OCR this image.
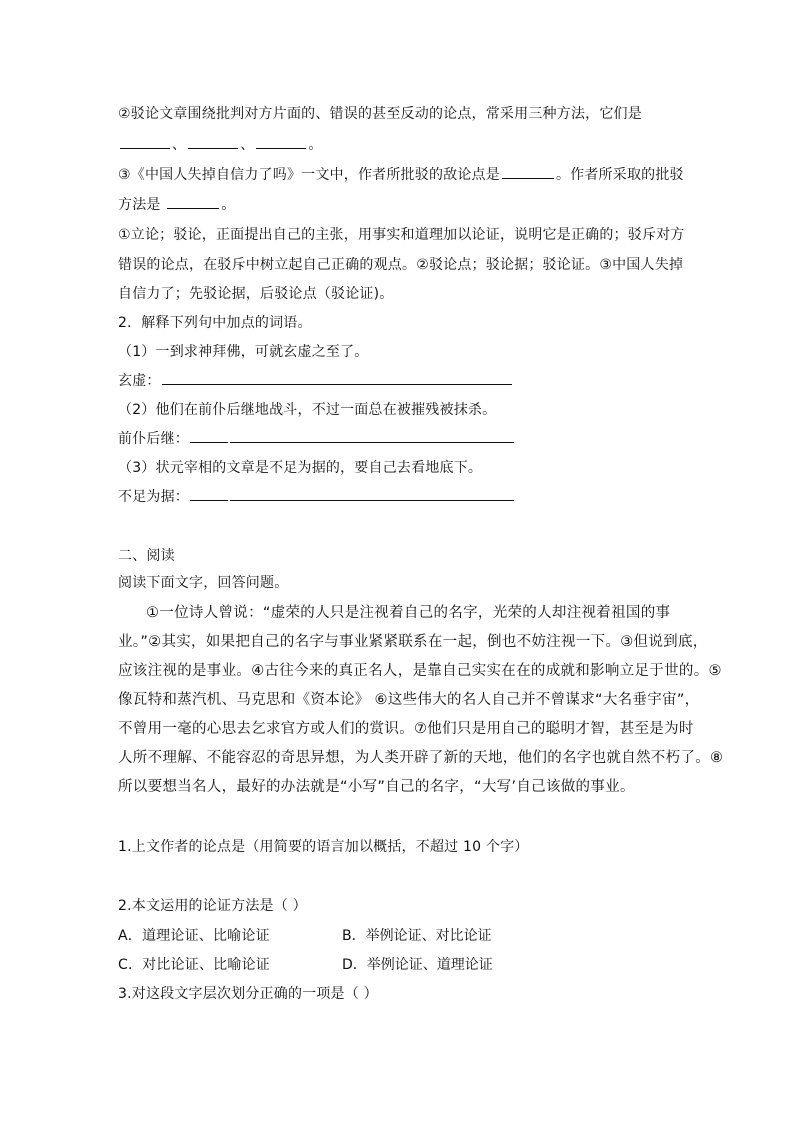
②驳论文章围绕批判对方片面的、错误的甚至反动的论点，常采用三种方法，它们是
、	、	。
③《中国人失掉自信力了吗》一文中，作者所批驳的敌论点是	。作者所采取的批驳
方法是	。
①立论；驳论，正面提出自己的主张，用事实和道理加以论证，说明它是正确的；驳斥对方
错误的论点，在驳斥中树立起自己正确的观点。②驳论点；驳论据；驳论证。③中国人失掉
自信力了；先驳论据，后驳论点（驳论证)。
2．解释下列句中加点的词语。
（1）一到求神拜佛，可就玄虚之至了。
玄虚：
（2）他们在前仆后继地战斗，不过一面总在被摧残被抹杀。
前仆后继：
（3）状元宰相的文章是不足为据的，要自己去看地底下。
不足为据：
二、阅读
阅读下面文字，回答问题。
①一位诗人曾说：“虚荣的人只是注视着自己的名字，光荣的人却注视着祖国的事
业。”②其实，如果把自己的名字与事业紧紧联系在一起，倒也不妨注视一下。③但说到底，
应该注视的是事业。④古往今来的真正名人，是靠自己实实在在的成就和影响立足于世的。⑤
像瓦特和蒸汽机、马克思和《资本论》 ⑥这些伟大的名人自己并不曾谋求“大名垂宇宙”，
不曾用一毫的心思去乞求官方或人们的赏识。⑦他们只是用自己的聪明才智，甚至是为时
人所不理解、不能容忍的奇思异想，为人类开辟了新的天地，他们的名字也就自然不朽了。⑧
所以要想当名人，最好的办法就是“小写”自己的名字，“大写’自己该做的事业。
1.上文作者的论点是（用简要的语言加以概括，不超过 10 个字）
2.本文运用的论证方法是（ ）
A．道理论证、比喻论证	B．举例论证、对比论证
C．对比论证、比喻论证	D．举例论证、道理论证
3.对这段文字层次划分正确的一项是（ ）
